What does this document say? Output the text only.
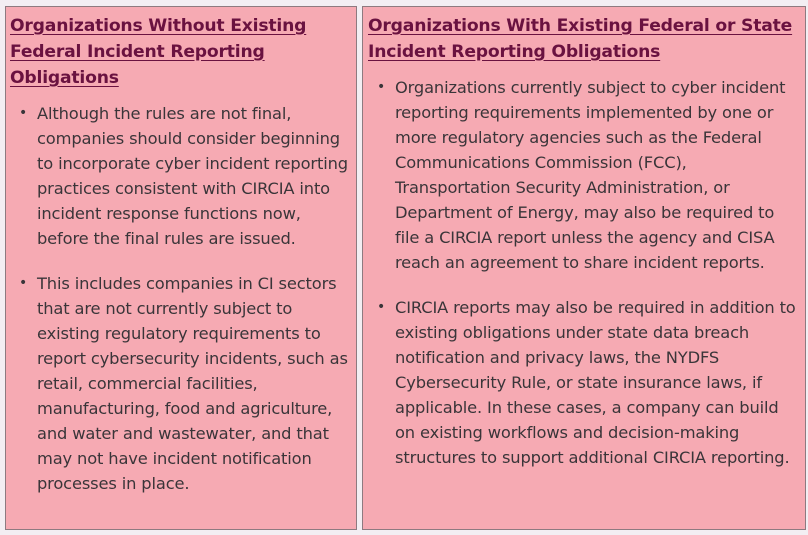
Organizations Without Existing Federal Incident Reporting Obligations
• Although the rules are not final, companies should consider beginning to incorporate cyber incident reporting practices consistent with CIRCIA into incident response functions now, before the final rules are issued.
• This includes companies in CI sectors that are not currently subject to existing regulatory requirements to report cybersecurity incidents, such as retail, commercial facilities, manufacturing, food and agriculture, and water and wastewater, and that may not have incident notification processes in place.
Organizations With Existing Federal or State Incident Reporting Obligations
• Organizations currently subject to cyber incident reporting requirements implemented by one or more regulatory agencies such as the Federal Communications Commission (FCC), Transportation Security Administration, or Department of Energy, may also be required to file a CIRCIA report unless the agency and CISA reach an agreement to share incident reports.
• CIRCIA reports may also be required in addition to existing obligations under state data breach notification and privacy laws, the NYDFS Cybersecurity Rule, or state insurance laws, if applicable. In these cases, a company can build on existing workflows and decision-making structures to support additional CIRCIA reporting.
